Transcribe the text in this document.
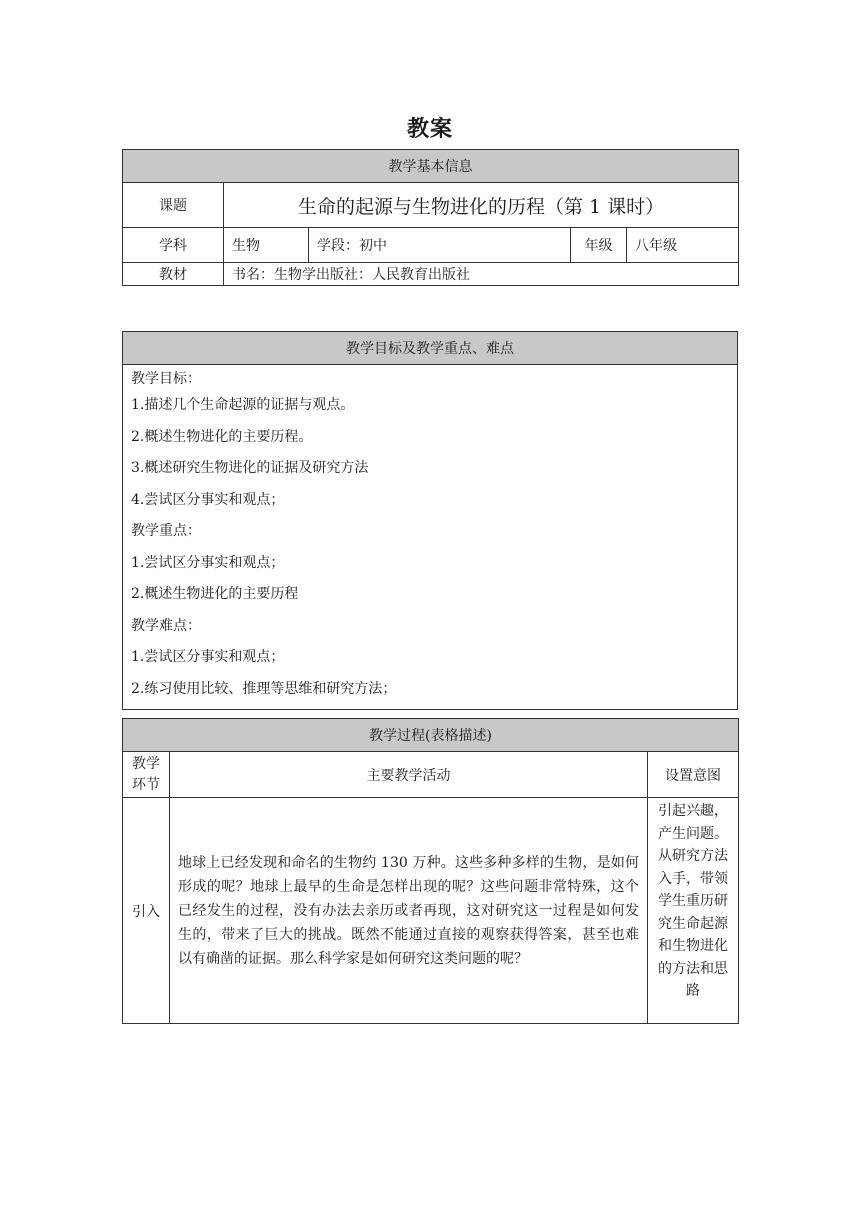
教案
教学基本信息				
课题	生命的起源与生物进化的历程（第 1 课时）			
学科	生物	学段：初中	年级	八年级
教材	书名：生物学出版社：人民教育出版社			
教学目标及教学重点、难点

教学目标：
1.描述几个生命起源的证据与观点。
2.概述生物进化的主要历程。
3.概述研究生物进化的证据及研究方法
4.尝试区分事实和观点；
教学重点：
1.尝试区分事实和观点；
2.概述生物进化的主要历程
教学难点：
1.尝试区分事实和观点；
2.练习使用比较、推理等思维和研究方法；
教学过程(表格描述)		
教学环节	主要教学活动	设置意图
引入	地球上已经发现和命名的生物约 130 万种。这些多种多样的生物，是如何形成的呢？地球上最早的生命是怎样出现的呢？这些问题非常特殊，这个已经发生的过程，没有办法去亲历或者再现，这对研究这一过程是如何发生的，带来了巨大的挑战。既然不能通过直接的观察获得答案，甚至也难以有确凿的证据。那么科学家是如何研究这类问题的呢？	引起兴趣，产生问题。从研究方法入手，带领学生重历研究生命起源和生物进化的方法和思路
